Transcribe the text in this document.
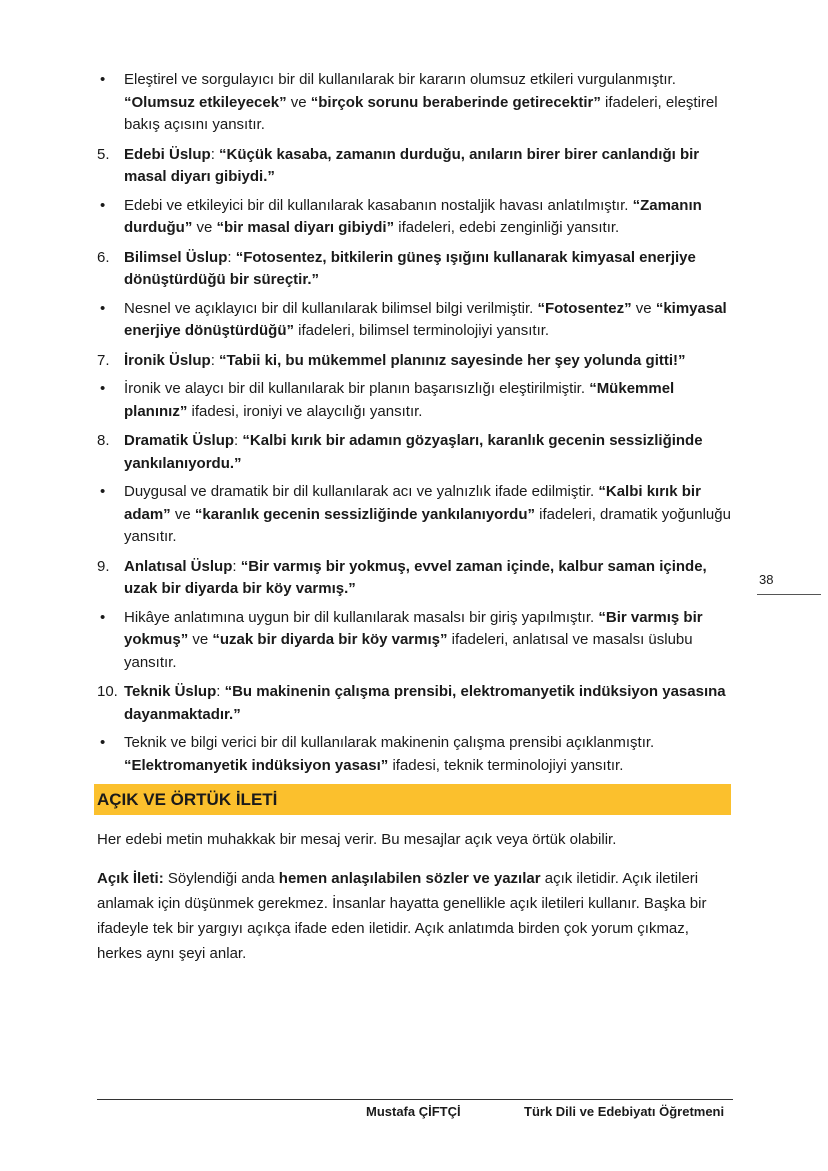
• Eleştirel ve sorgulayıcı bir dil kullanılarak bir kararın olumsuz etkileri vurgulanmıştır. “Olumsuz etkileyecek” ve “birçok sorunu beraberinde getirecektir” ifadeleri, eleştirel bakış açısını yansıtır.
5. Edebi Üslup: “Küçük kasaba, zamanın durduğu, anıların birer birer canlandığı bir masal diyarı gibiydi.”
• Edebi ve etkileyici bir dil kullanılarak kasabanın nostaljik havası anlatılmıştır. “Zamanın durduğu” ve “bir masal diyarı gibiydi” ifadeleri, edebi zenginliği yansıtır.
6. Bilimsel Üslup: “Fotosentez, bitkilerin güneş ışığını kullanarak kimyasal enerjiye dönüştürdüğü bir süreçtir.”
• Nesnel ve açıklayıcı bir dil kullanılarak bilimsel bilgi verilmiştir. “Fotosentez” ve “kimyasal enerjiye dönüştürdüğü” ifadeleri, bilimsel terminolojiyi yansıtır.
7. İronik Üslup: “Tabii ki, bu mükemmel planınız sayesinde her şey yolunda gitti!”
• İronik ve alaycı bir dil kullanılarak bir planın başarısızlığı eleştirilmiştir. “Mükemmel planınız” ifadesi, ironiyi ve alaycılığı yansıtır.
8. Dramatik Üslup: “Kalbi kırık bir adamın gözyaşları, karanlık gecenin sessizliğinde yankılanıyordu.”
• Duygusal ve dramatik bir dil kullanılarak acı ve yalnızlık ifade edilmiştir. “Kalbi kırık bir adam” ve “karanlık gecenin sessizliğinde yankılanıyordu” ifadeleri, dramatik yoğunluğu yansıtır.
9. Anlatısal Üslup: “Bir varmış bir yokmuş, evvel zaman içinde, kalbur saman içinde, uzak bir diyarda bir köy varmış.”
• Hikâye anlatımına uygun bir dil kullanılarak masalsı bir giriş yapılmıştır. “Bir varmış bir yokmuş” ve “uzak bir diyarda bir köy varmış” ifadeleri, anlatısal ve masalsı üslubu yansıtır.
10. Teknik Üslup: “Bu makinenin çalışma prensibi, elektromanyetik indüksiyon yasasına dayanmaktadır.”
• Teknik ve bilgi verici bir dil kullanılarak makinenin çalışma prensibi açıklanmıştır. “Elektromanyetik indüksiyon yasası” ifadesi, teknik terminolojiyi yansıtır.
AÇIK VE ÖRTÜK İLETİ
Her edebi metin muhakkak bir mesaj verir. Bu mesajlar açık veya örtük olabilir.
Açık İleti: Söylendiği anda hemen anlaşılabilen sözler ve yazılar açık iletidir. Açık iletileri anlamak için düşünmek gerekmez. İnsanlar hayatta genellikle açık iletileri kullanır. Başka bir ifadeyle tek bir yargıyı açıkça ifade eden iletidir. Açık anlatımda birden çok yorum çıkmaz, herkes aynı şeyi anlar.
38
Mustafa ÇİFTÇİ	Türk Dili ve Edebiyatı Öğretmeni
